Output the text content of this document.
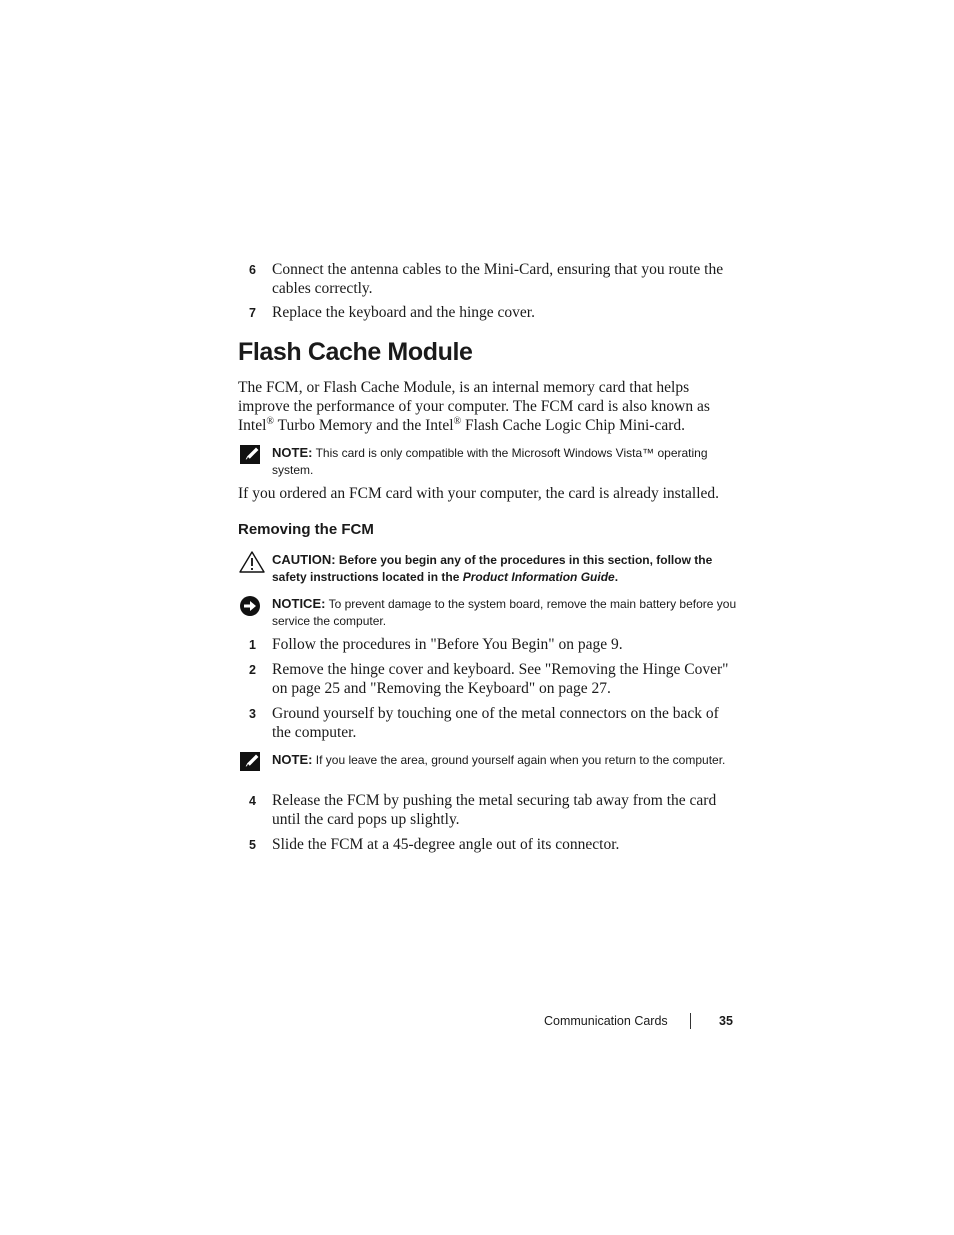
6 Connect the antenna cables to the Mini-Card, ensuring that you route the cables correctly.
7 Replace the keyboard and the hinge cover.
Flash Cache Module

The FCM, or Flash Cache Module, is an internal memory card that helps improve the performance of your computer. The FCM card is also known as Intel® Turbo Memory and the Intel® Flash Cache Logic Chip Mini-card.

NOTE: This card is only compatible with the Microsoft Windows Vista™ operating system.

If you ordered an FCM card with your computer, the card is already installed.

Removing the FCM
CAUTION: Before you begin any of the procedures in this section, follow the safety instructions located in the Product Information Guide.
NOTICE: To prevent damage to the system board, remove the main battery before you service the computer.
1 Follow the procedures in "Before You Begin" on page 9.
2 Remove the hinge cover and keyboard. See "Removing the Hinge Cover" on page 25 and "Removing the Keyboard" on page 27.
3 Ground yourself by touching one of the metal connectors on the back of the computer.
NOTE: If you leave the area, ground yourself again when you return to the computer.
4 Release the FCM by pushing the metal securing tab away from the card until the card pops up slightly.
5 Slide the FCM at a 45-degree angle out of its connector.
Communication Cards	35
